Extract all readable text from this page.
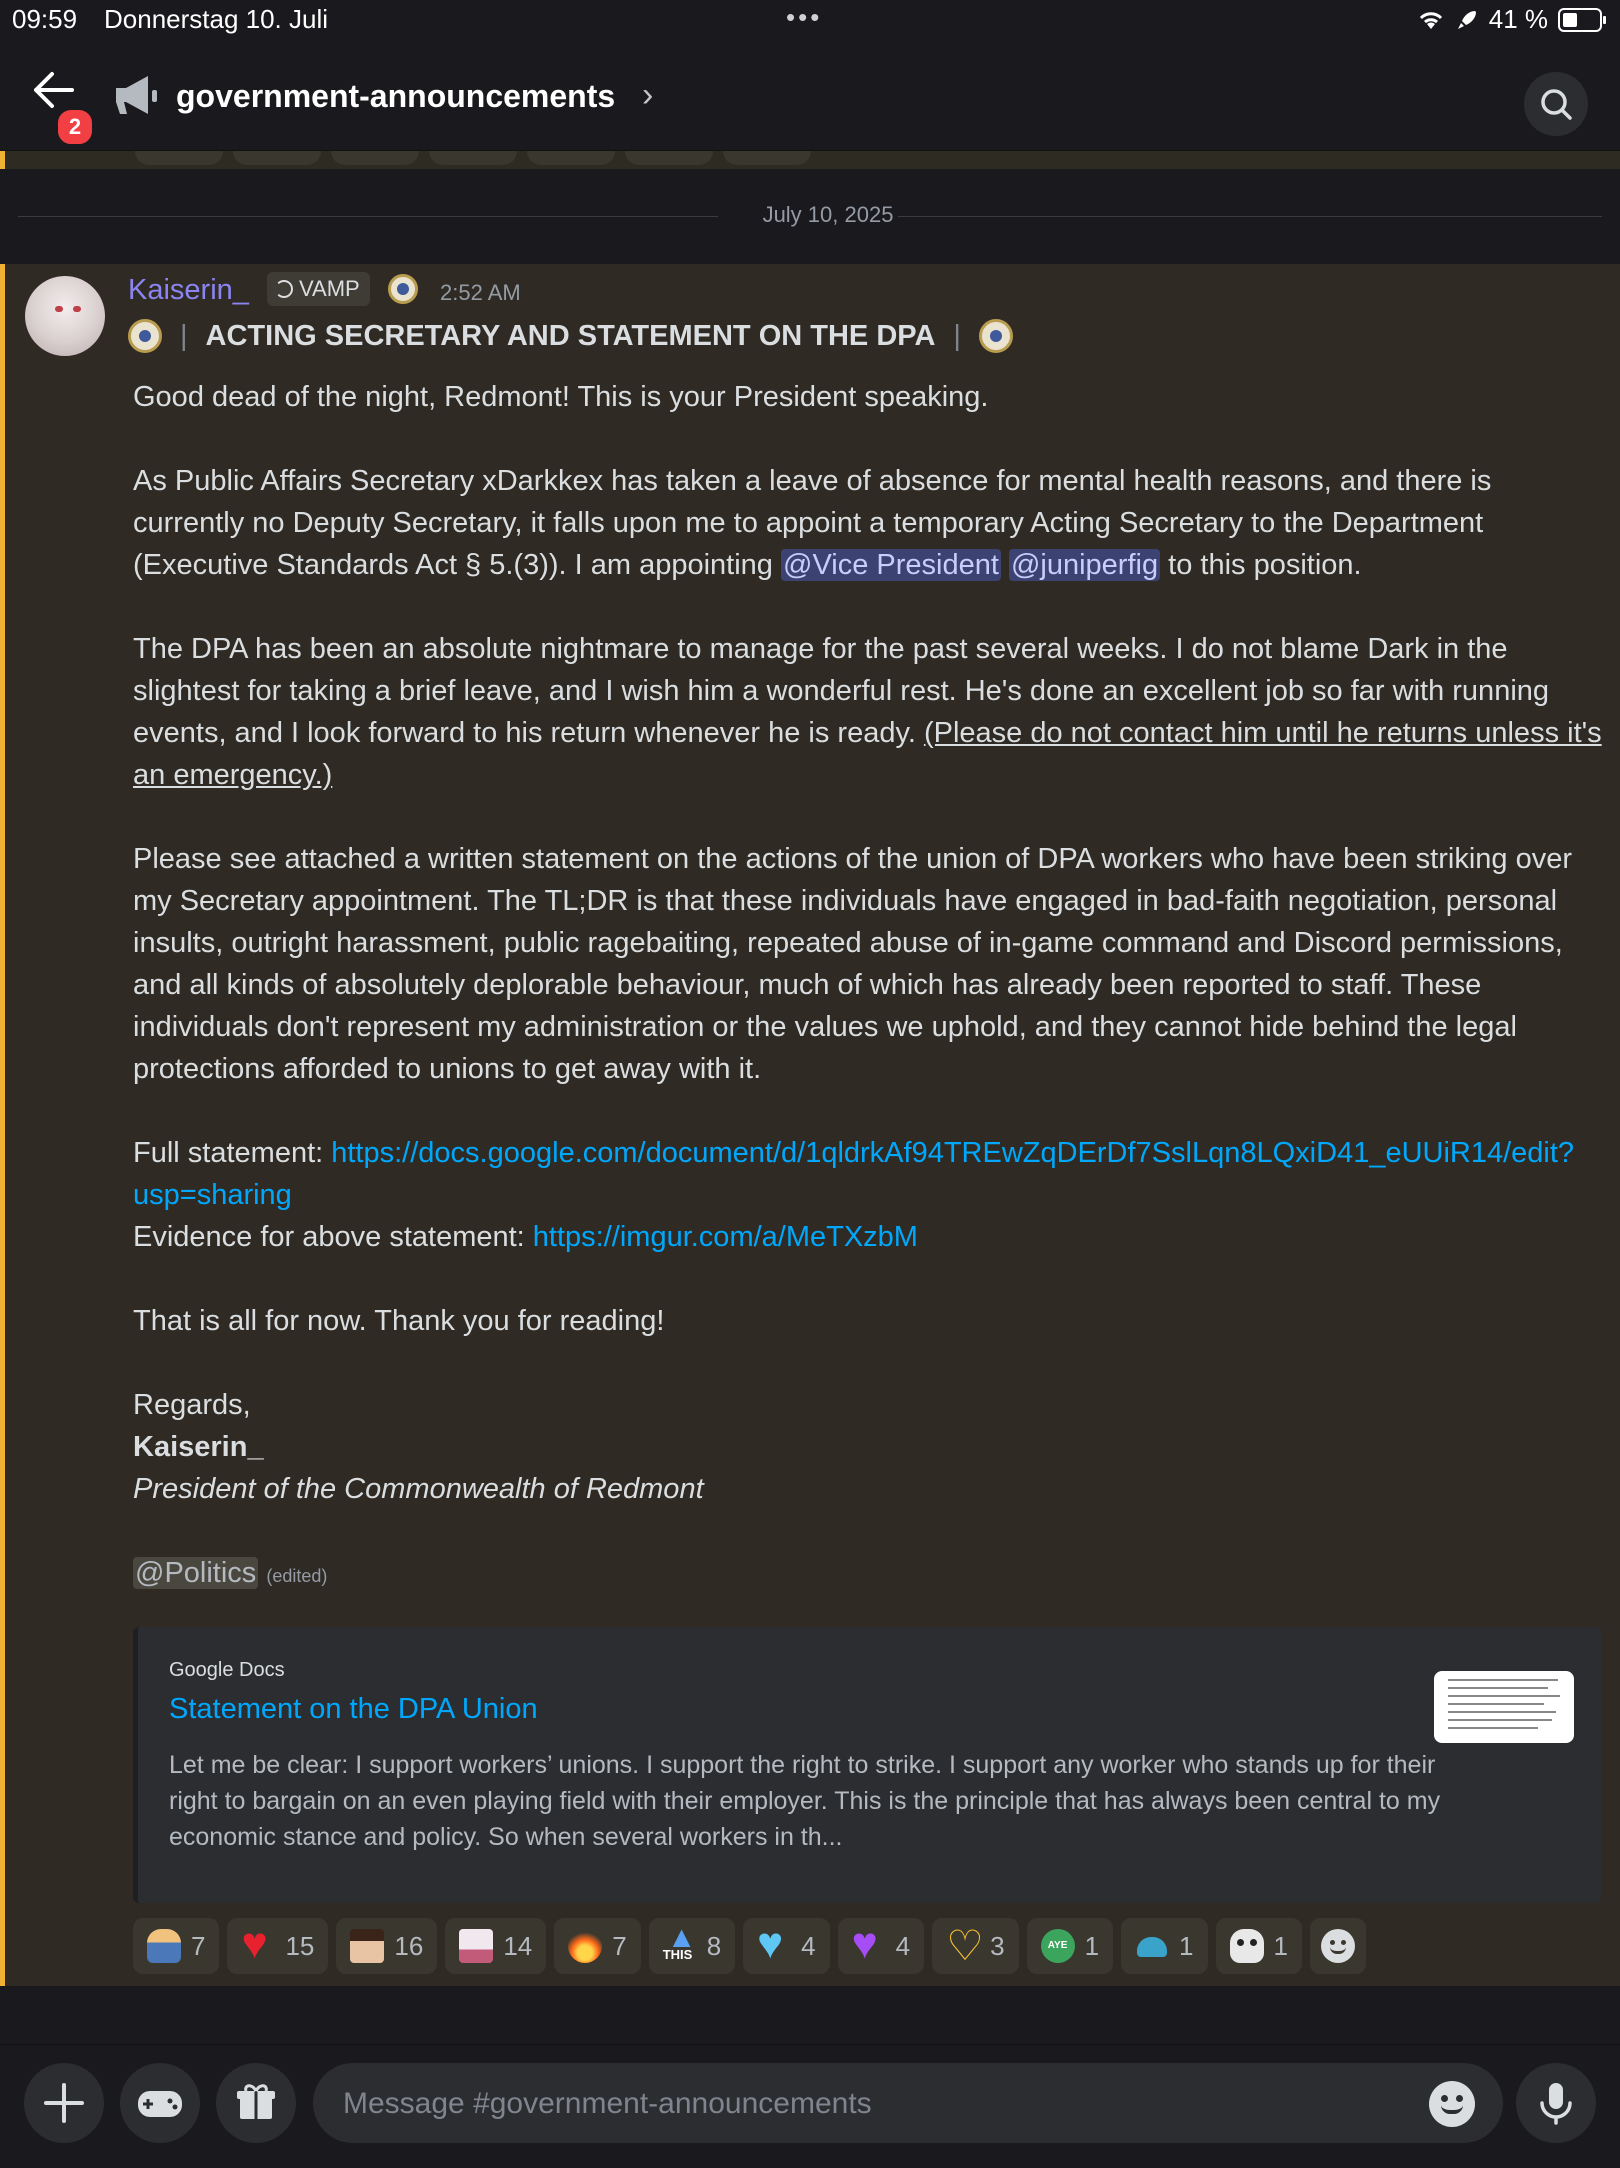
09:59 Donnerstag 10. Juli	•••	41 %
2
government-announcements ›
July 10, 2025
Kaiserin_ VAMP	2:52 AM
| ACTING SECRETARY AND STATEMENT ON THE DPA |

Good dead of the night, Redmont! This is your President speaking.

As Public Affairs Secretary xDarkkex has taken a leave of absence for mental health reasons, and there is currently no Deputy Secretary, it falls upon me to appoint a temporary Acting Secretary to the Department (Executive Standards Act § 5.(3)). I am appointing @Vice President @juniperfig to this position.

The DPA has been an absolute nightmare to manage for the past several weeks. I do not blame Dark in the slightest for taking a brief leave, and I wish him a wonderful rest. He's done an excellent job so far with running events, and I look forward to his return whenever he is ready. (Please do not contact him until he returns unless it's an emergency.)

Please see attached a written statement on the actions of the union of DPA workers who have been striking over my Secretary appointment. The TL;DR is that these individuals have engaged in bad-faith negotiation, personal insults, outright harassment, public ragebaiting, repeated abuse of in-game command and Discord permissions, and all kinds of absolutely deplorable behaviour, much of which has already been reported to staff. These individuals don't represent my administration or the values we uphold, and they cannot hide behind the legal protections afforded to unions to get away with it.

Full statement: https://docs.google.com/document/d/1qldrkAf94TREwZqDErDf7SslLqn8LQxiD41_eUUiR14/edit?usp=sharing

Evidence for above statement: https://imgur.com/a/MeTXzbM

That is all for now. Thank you for reading!

Regards,

Kaiserin_

President of the Commonwealth of Redmont

@Politics (edited)

Google Docs
Statement on the DPA Union
Let me be clear: I support workers’ unions. I support the right to strike. I support any worker who stands up for their right to bargain on an even playing field with their employer. This is the principle that has always been central to my economic stance and policy. So when several workers in th...
7 ♥	15	16	14	7 ▲ THIS	8 ♥	4 ♥	4 ♡	3	AYE 1	1	1
Message #government-announcements
